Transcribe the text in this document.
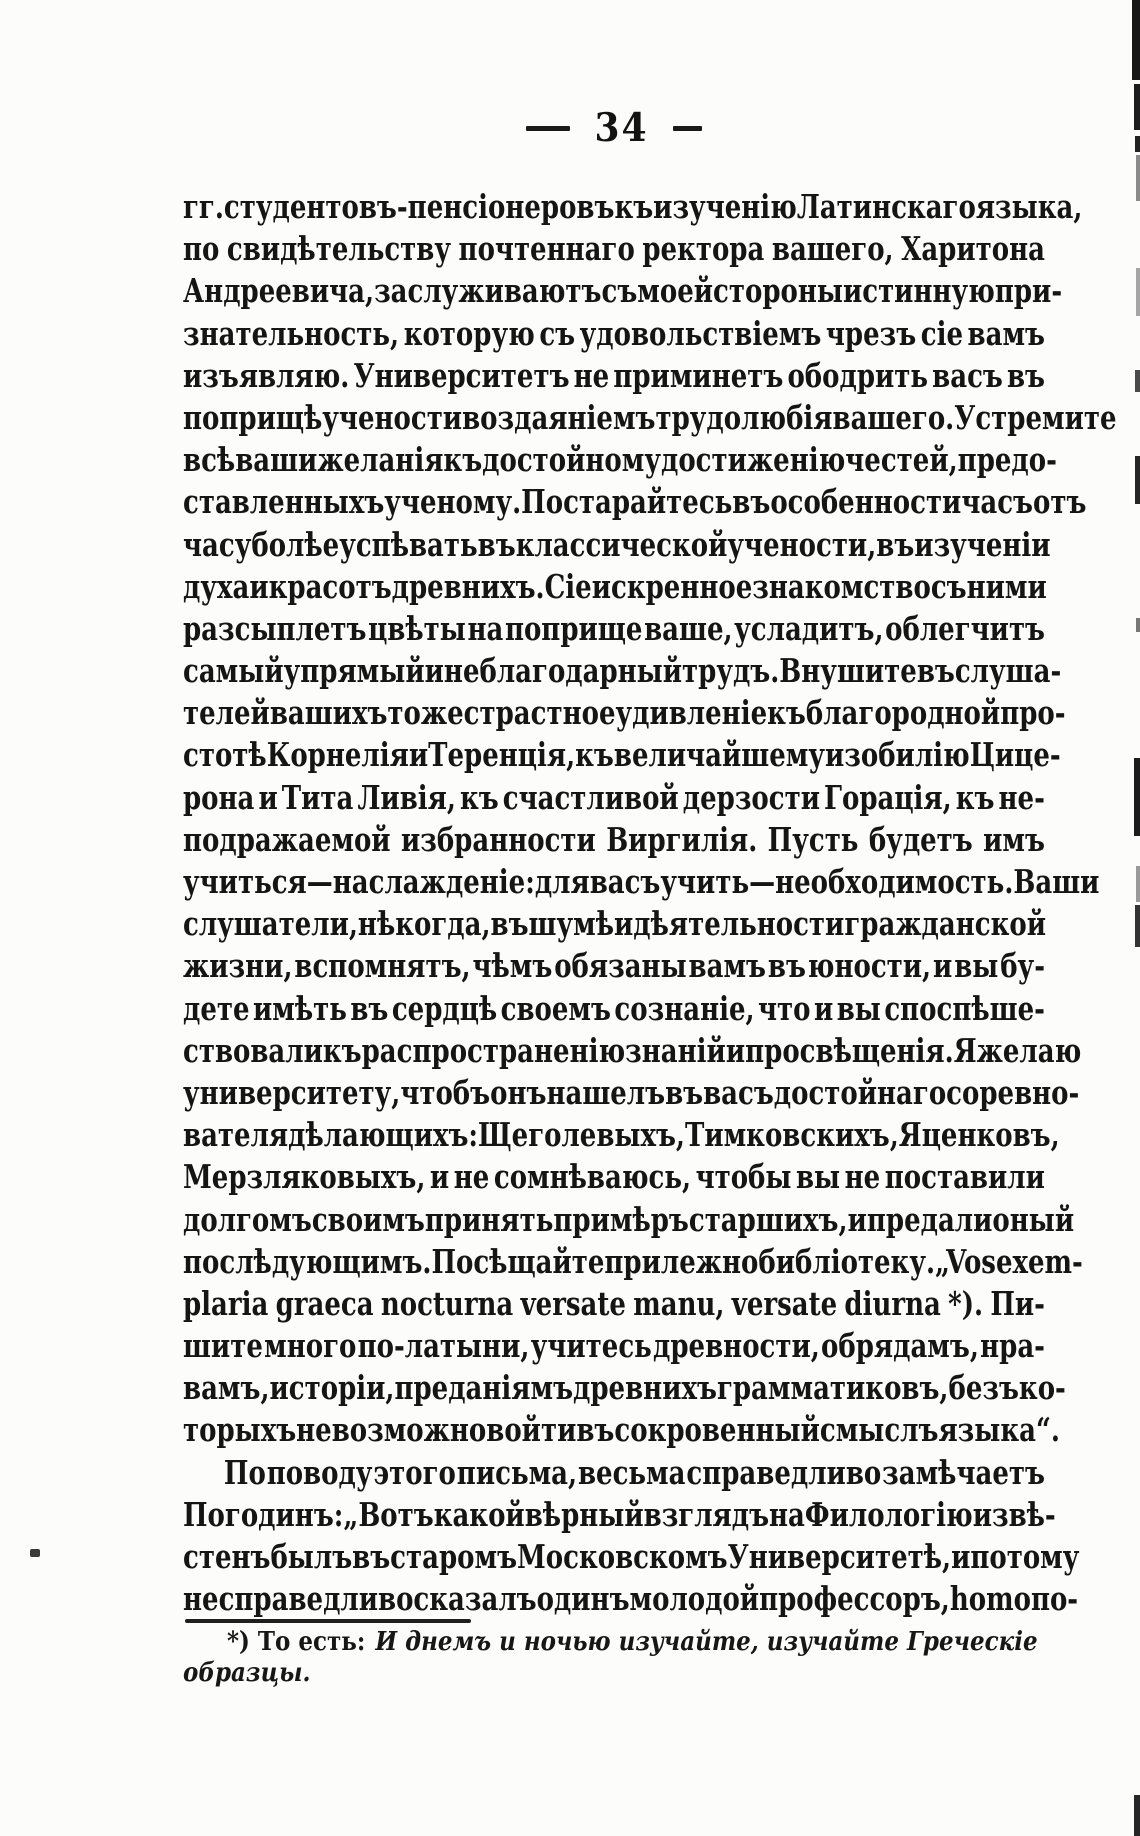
34
гг. студентовъ - пенсіонеровъ къ изученію Латинскаго языка,
по свидѣтельству почтеннаго ректора вашего, Харитона
Андреевича, заслуживаютъ съ моей стороны истинную при-
знательность, которую съ удовольствіемъ чрезъ сіе вамъ
изъявляю. Университетъ не приминетъ ободрить васъ въ
поприщѣ учености воздаяніемъ трудолюбія вашего. Устремите
всѣ ваши желанія къ достойному достиженію честей, предо-
ставленныхъ ученому. Постарайтесь въ особенности часъ отъ
часу болѣе успѣвать въ классической учености, въ изученіи
духа и красотъ древнихъ. Сіе искренное знакомство съ ними
разсыплетъ цвѣты на поприще ваше, усладитъ, облегчитъ
самый упрямый и неблагодарный трудъ. Внушите въ слуша-
телей вашихъ то же страстное удивленіе къ благородной про-
стотѣ Корнелія и Теренція, къ величайшему изобилію Цице-
рона и Тита Ливія, къ счастливой дерзости Горація, къ не-
подражаемой избранности Виргилія. Пусть будетъ имъ
учиться—наслажденіе: для васъ учить—необходимость. Ваши
слушатели, нѣкогда, въ шумѣ и дѣятельности гражданской
жизни, вспомнятъ, чѣмъ обязаны вамъ въ юности, и вы бу-
дете имѣть въ сердцѣ своемъ сознаніе, что и вы споспѣше-
ствовали къ распространенію знаній и просвѣщенія. Я желаю
университету, чтобъ онъ нашелъ въ васъ достойнаго соревно-
вателя дѣлающихъ: Щеголевыхъ, Тимковскихъ, Яценковъ,
Мерзляковыхъ, и не сомнѣваюсь, чтобы вы не поставили
долгомъ своимъ принять примѣръ старшихъ, и предали оный
послѣдующимъ. Посѣщайте прилежно библіотеку. „Vos exem-
plaria graeca nocturna versate manu, versate diurna *). Пи-
шите много по-латыни, учитесь древности, обрядамъ, нра-
вамъ, исторіи, преданіямъ древнихъ грамматиковъ, безъ ко-
торыхъ невозможно войти въ сокровенный смыслъ языка“.
По поводу этого письма, весьма справедливо замѣчаетъ
Погодинъ: „Вотъ какой вѣрный взглядъ на Филологію извѣ-
стенъ былъ въ старомъ Московскомъ Университетѣ, и потому
несправедливо сказалъ одинъ молодой профессоръ, homo по-
*) То есть: И днемъ и ночью изучайте, изучайте Греческіе образцы.
